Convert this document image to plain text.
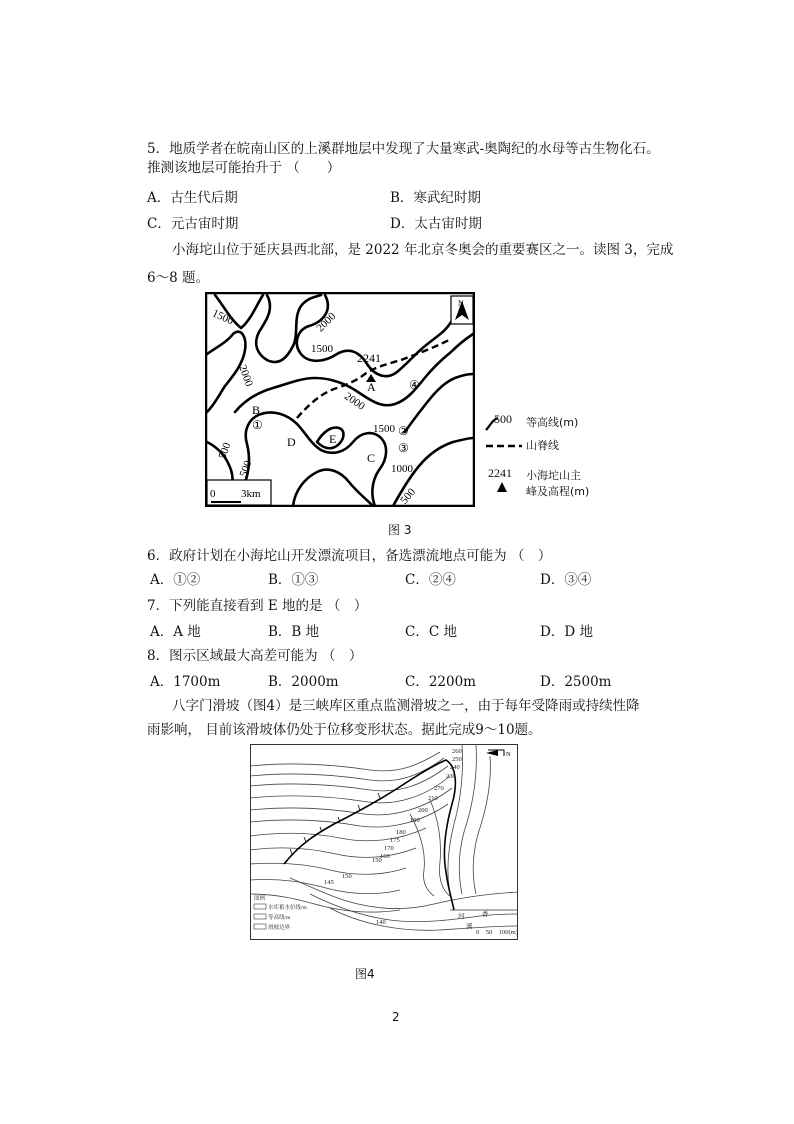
5．地质学者在皖南山区的上溪群地层中发现了大量寒武-奥陶纪的水母等古生物化石。
推测该地层可能抬升于 （　　）
A．古生代后期	B．寒武纪时期
C．元古宙时期	D．太古宙时期
小海坨山位于延庆县西北部，是 2022 年北京冬奥会的重要赛区之一。读图 3，完成
6～8 题。
2241
A
B
①
D	E
C
②
③
④
1500
1500
2000
2000
500
2000
1500
1000
500
500
N
0 3km
500 等高线(m)
山脊线
2241 小海坨山主
峰及高程(m)
图 3
6．政府计划在小海坨山开发漂流项目，备选漂流地点可能为 （　）
A．①②	B．①③	C．②④	D．③④
7．下列能直接看到 E 地的是 （　）
A．A 地	B．B 地	C．C 地	D．D 地
8．图示区域最大高差可能为 （　）
A．1700m	B．2000m	C．2200m	D．2500m
八字门滑坡（图4）是三峡库区重点监测滑坡之一，由于每年受降雨或持续性降
雨影响， 目前该滑坡体仍处于位移变形状态。据此完成9～10题。
260
250
240
230
270
210
200
190
180
175
170
160
150
150
145
140
河
溪
香
0　50　100(m)
N
图例
水库蓄水位线/m
等高线/m
滑坡边界
图4
2
